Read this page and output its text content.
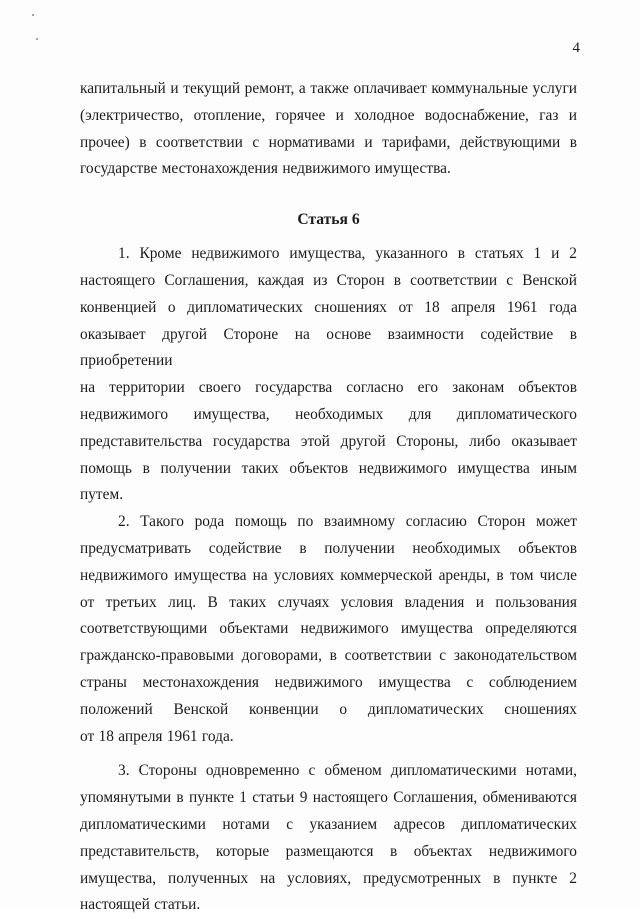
4
капитальный и текущий ремонт, а также оплачивает коммунальные услуги
(электричество, отопление, горячее и холодное водоснабжение, газ и
прочее) в соответствии с нормативами и тарифами, действующими в
государстве местонахождения недвижимого имущества.
Статья 6
1. Кроме недвижимого имущества, указанного в статьях 1 и 2
настоящего Соглашения, каждая из Сторон в соответствии с Венской
конвенцией о дипломатических сношениях от 18 апреля 1961 года
оказывает другой Стороне на основе взаимности содействие в приобретении
на территории своего государства согласно его законам объектов
недвижимого имущества, необходимых для дипломатического
представительства государства этой другой Стороны, либо оказывает
помощь в получении таких объектов недвижимого имущества иным путем.
2. Такого рода помощь по взаимному согласию Сторон может
предусматривать содействие в получении необходимых объектов
недвижимого имущества на условиях коммерческой аренды, в том числе
от третьих лиц. В таких случаях условия владения и пользования
соответствующими объектами недвижимого имущества определяются
гражданско-правовыми договорами, в соответствии с законодательством
страны местонахождения недвижимого имущества с соблюдением
положений Венской конвенции о дипломатических сношениях
от 18 апреля 1961 года.
3. Стороны одновременно с обменом дипломатическими нотами,
упомянутыми в пункте 1 статьи 9 настоящего Соглашения, обмениваются
дипломатическими нотами с указанием адресов дипломатических
представительств, которые размещаются в объектах недвижимого
имущества, полученных на условиях, предусмотренных в пункте 2
настоящей статьи.
